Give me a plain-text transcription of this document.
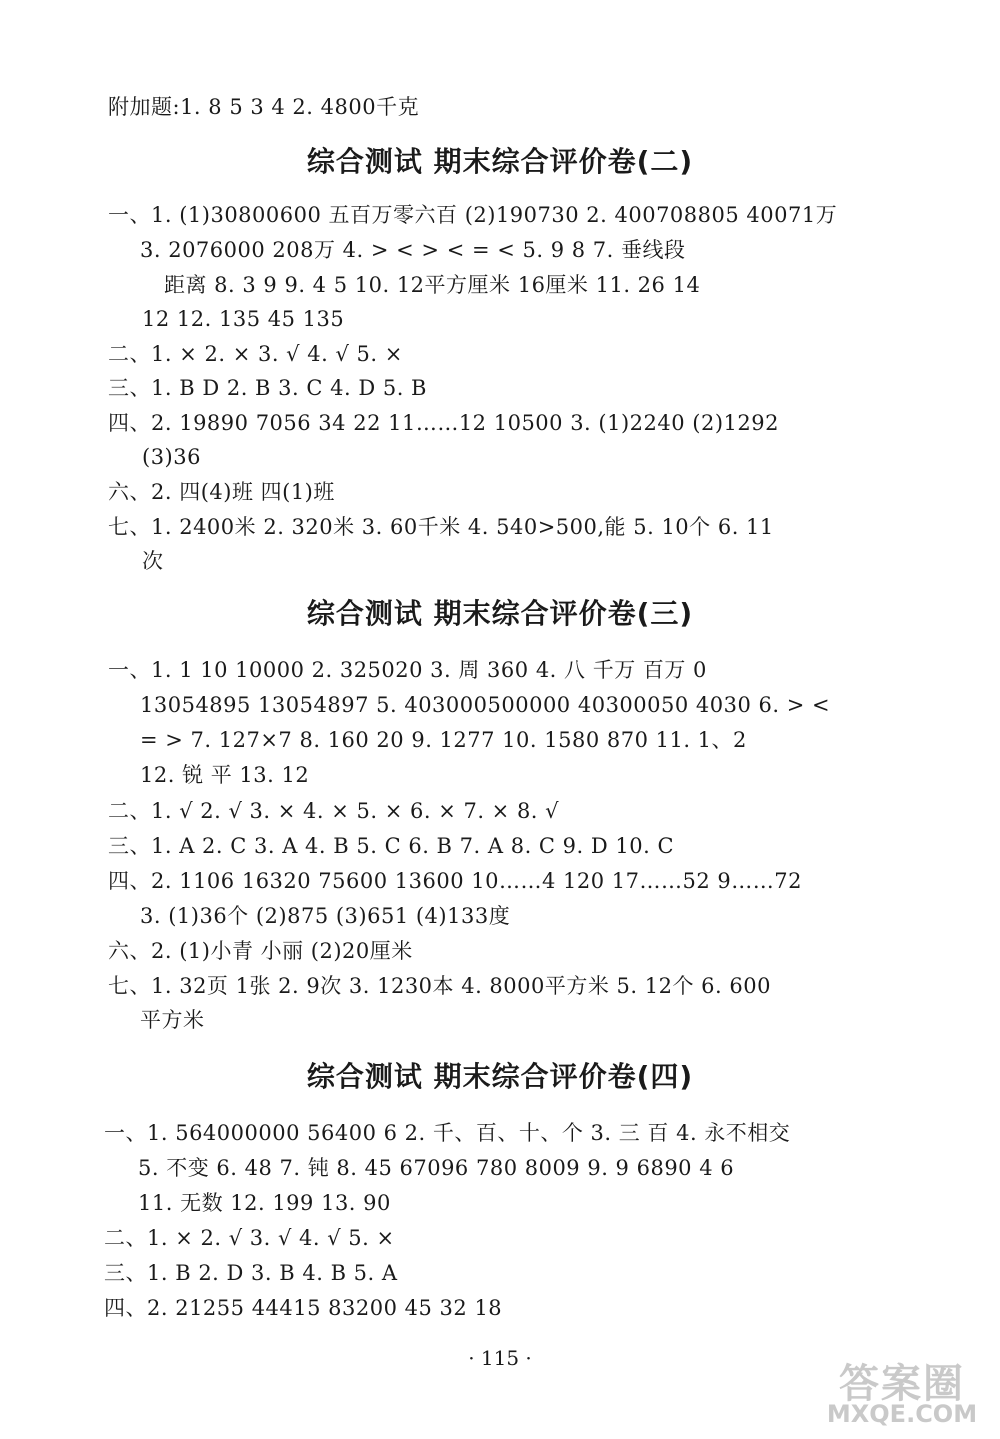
附加题:1. 8 5 3 4 2. 4800千克
综合测试 期末综合评价卷(二)
一、1. (1)30800600 五百万零六百 (2)190730 2. 400708805 40071万
3. 2076000 208万 4. > < > < = < 5. 9 8 7. 垂线段
距离 8. 3 9 9. 4 5 10. 12平方厘米 16厘米 11. 26 14
12 12. 135 45 135
二、1. × 2. × 3. √ 4. √ 5. ×
三、1. B D 2. B 3. C 4. D 5. B
四、2. 19890 7056 34 22 11……12 10500 3. (1)2240 (2)1292
(3)36
六、2. 四(4)班 四(1)班
七、1. 2400米 2. 320米 3. 60千米 4. 540>500,能 5. 10个 6. 11
次
综合测试 期末综合评价卷(三)
一、1. 1 10 10000 2. 325020 3. 周 360 4. 八 千万 百万 0
13054895 13054897 5. 403000500000 40300050 4030 6. > <
= > 7. 127×7 8. 160 20 9. 1277 10. 1580 870 11. 1、2
12. 锐 平 13. 12
二、1. √ 2. √ 3. × 4. × 5. × 6. × 7. × 8. √
三、1. A 2. C 3. A 4. B 5. C 6. B 7. A 8. C 9. D 10. C
四、2. 1106 16320 75600 13600 10……4 120 17……52 9……72
3. (1)36个 (2)875 (3)651 (4)133度
六、2. (1)小青 小丽 (2)20厘米
七、1. 32页 1张 2. 9次 3. 1230本 4. 8000平方米 5. 12个 6. 600
平方米
综合测试 期末综合评价卷(四)
一、1. 564000000 56400 6 2. 千、百、十、个 3. 三 百 4. 永不相交
5. 不变 6. 48 7. 钝 8. 45 67096 780 8009 9. 9 6890 4 6
11. 无数 12. 199 13. 90
二、1. × 2. √ 3. √ 4. √ 5. ×
三、1. B 2. D 3. B 4. B 5. A
四、2. 21255 44415 83200 45 32 18
· 115 ·
答案圈
MXQE.COM
